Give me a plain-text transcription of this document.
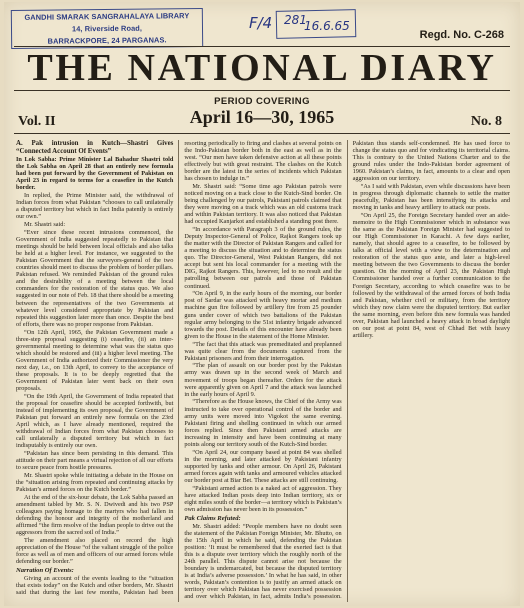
GANDHI SMARAK SANGRAHALAYA LIBRARY
14, Riverside Road,
BARRACKPORE, 24 PARGANAS.
F/4 281
16.6.65
Regd. No. C-268
THE NATIONAL DIARY
Vol. II
PERIOD COVERING
April 16—30, 1965	No. 8

A. Pak intrusion in Kutch—Shastri Gives “Connected Account Of Events”

In Lok Sabha: Prime Minister Lal Bahadur Shastri told the Lok Sabha on April 28 that an entirely new formula had been put forward by the Government of Pakistan on April 23 in regard to terms for a ceasefire in the Kutch border.

In replied, the Prime Minister said, the withdrawal of Indian forces from what Pakistan “chooses to call unilaterally a disputed territory but which in fact India patently is entirely our own.”

Mr. Shastri said:

“Ever since these recent intrusions commenced, the Government of India suggested repeatedly to Pakistan that meetings should be held between local officials and also talks be held at a higher level. For instance, we suggested to the Pakistan Government that the surveyors-general of the two countries should meet to discuss the problem of border pillars. Pakistan refused. We reminded Pakistan of the ground rules and the desirability of a meeting between the local commanders for the restoration of the status quo. We also suggested in our note of Feb. 18 that there should be a meeting between the representatives of the two Governments at whatever level considered appropriate by Pakistan and repeated this suggestion later more than once. Despite the best of efforts, there was no proper response from Pakistan.

“On 12th April, 1965, the Pakistan Government made a three-step proposal suggesting (i) ceasefire, (ii) an inter-governmental meeting to determine what was the status quo which should be restored and (iii) a higher level meeting. The Government of India authorized their Commissioner the very next day, i.e., on 13th April, to convey to the acceptance of these proposals. It is to be deeply regretted that the Government of Pakistan later went back on their own proposals.

“On the 19th April, the Government of India repeated that the proposal for ceasefire should be accepted forthwith, but instead of implementing its own proposal, the Government of Pakistan put forward an entirely new formula on the 23rd April which, as I have already mentioned, required the withdrawal of Indian forces from what Pakistan chooses to call unilaterally a disputed territory but which in fact indisputably is entirely our own.

“Pakistan has since been persisting in this demand. This attitude on their part means a virtual rejection of all our efforts to secure peace from hostile pressures.

Mr. Shastri spoke while initiating a debate in the House on the “situation arising from repeated and continuing attacks by Pakistan’s armed forces on the Kutch border.”

At the end of the six-hour debate, the Lok Sabha passed an amendment tabled by Mr. S. N. Dwivedi and his two PSP colleagues paying homage to the martyrs who had fallen in defending the honour and integrity of the motherland and affirmed “the firm resolve of the Indian people to drive out the aggressors from the sacred soil of India.”

The amendment also placed on record the high appreciation of the House “of the valiant struggle of the police force as well as of men and officers of our armed forces while defending our border.”

Narration Of Events:

Giving an account of the events leading to the “situation that exists today” on the Kutch and other borders, Mr. Shastri said that during the last few months, Pakistan had been resorting periodically to firing and clashes at several points on the Indo-Pakistan border both in the east as well as in the west. “Our men have taken defensive action at all these points effectively but with great restraint. The clashes on the Kutch border are the latest in the series of incidents which Pakistan has chosen to indulge in.”

Mr. Shastri said: “Some time ago Pakistan patrols were noticed moving on a track close to the Kutch-Sind border. On being challenged by our patrols, Pakistani patrols claimed that they were moving on a track which was an old customs track and within Pakistan territory. It was also noticed that Pakistan had occupied Kanjarkot and established a standing post there.

“In accordance with Paragraph 3 of the ground rules, the Deputy Inspector-General of Police, Rajkot Rangers took up the matter with the Director of Pakistan Rangers and called for a meeting to discuss the situation and to determine the status quo. The Director-General, West Pakistan Rangers, did not accept but sent his local commander for a meeting with the DIG, Rajkot Rangers. This, however, led to no result and the patrolling between our patrols and those of Pakistan continued.

“On April 9, in the early hours of the morning, our border post of Sardar was attacked with heavy mortar and medium machine gun fire followed by artillery fire from 25 pounder guns under cover of which two battalions of the Pakistan regular army belonging to the 51st infantry brigade advanced towards the post. Details of this encounter have already been given to the House in the statement of the Home Minister.

“The fact that this attack was premeditated and preplanned was quite clear from the documents captured from the Pakistani prisoners and from their interrogation.

“The plan of assault on our border post by the Pakistan army was drawn up in the second week of March and movement of troops began thereafter. Orders for the attack were apparently given on April 7 and the attack was launched in the early hours of April 9.

“Therefore as the House knows, the Chief of the Army was instructed to take over operational control of the border and army units were moved into Vigokot the same evening. Pakistani firing and shelling continued in which our armed forces replied. Since then Pakistani armed attacks are increasing in intensity and have been continuing at many points along our territory south of the Kutch-Sind border.

“On April 24, our company based at point 84 was shelled in the morning, and later attacked by Pakistani infantry supported by tanks and other armour. On April 26, Pakistani armed forces again with tanks and armoured vehicles attacked our border post at Biar Bet. These attacks are still continuing.

“Pakistani armed action is a naked act of aggression. They have attacked Indian posts deep into Indian territory, six or eight miles south of the border—a territory which is Pakistan’s own admission has never been in its possession.”

Pak Claims Refuted:

Mr. Shastri added: “People members have no doubt seen the statement of the Pakistan Foreign Minister, Mr. Bhutto, on the 15th April in which he said, defending the Pakistan position: ‘It must be remembered that the exerted fact is that this is a dispute over territory which the roughly north of the 24th parallel. This dispute cannot arise not because the boundary is undemarcated, but because the disputed territory is at India’s adverse possession.’ In what he has said, in other words, Pakistan’s contention is to justify an armed attack on territory over which Pakistan has never exercised possession and over which Pakistan, in fact, admits India’s possession. Pakistan thus stands self-condemned. He has used force to change the status quo and for vindicating its territorial claims. This is contrary to the United Nations Charter and to the ground rules under the Indo-Pakistan border agreement of 1960. Pakistan’s claims, in fact, amounts to a clear and open aggression on our territory.

“As I said with Pakistan, even while discussions have been in progress through diplomatic channels to settle the matter peacefully, Pakistan has been intensifying its attacks and moving in tanks and heavy artillery to attack our posts.

“On April 25, the Foreign Secretary handed over an aide-memoire to the High Commissioner which in substance was the same as the Pakistan Foreign Minister had suggested to our High Commissioner in Karachi. A few days earlier, namely, that should agree to a ceasefire, to be followed by talks at official level with a view to the determination and restoration of the status quo ante, and later a high-level meeting between the two Governments to discuss the border question. On the morning of April 23, the Pakistan High Commissioner handed over a further communication to the Foreign Secretary, according to which ceasefire was to be followed by the withdrawal of the armed forces of both India and Pakistan, whether civil or military, from the territory which they now claim were the disputed territory. But earlier the same morning, even before this new formula was handed over, Pakistan had launched a heavy attack in broad daylight on our post at point 84, west of Chhad Bet with heavy artillery.
